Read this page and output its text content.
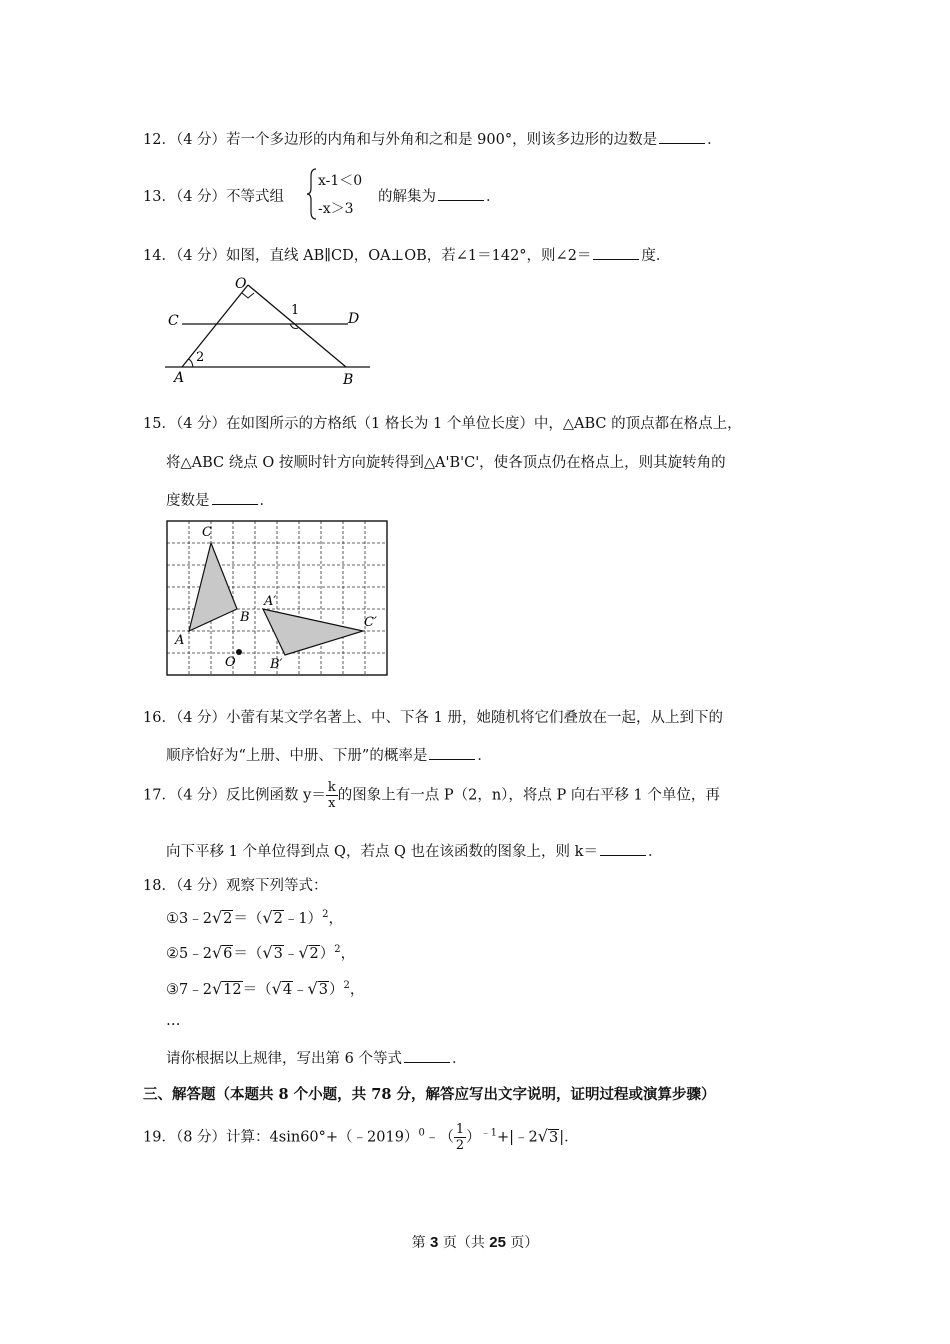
12．（4 分）若一个多边形的内角和与外角和之和是 900°，则该多边形的边数是	．
13．（4 分）不等式组
x-1＜0
-x＞3
的解集为	．
14．（4 分）如图，直线 AB∥CD，OA⊥OB，若∠1＝142°，则∠2＝	度．
O
C	D
A	B
1
2
15．（4 分）在如图所示的方格纸（1 格长为 1 个单位长度）中，△ABC 的顶点都在格点上，
将△ABC 绕点 O 按顺时针方向旋转得到△A'B'C'，使各顶点仍在格点上，则其旋转角的
度数是	．
C
A
B
O
A′
B′
C′
16．（4 分）小蕾有某文学名著上、中、下各 1 册，她随机将它们叠放在一起，从上到下的
顺序恰好为“上册、中册、下册”的概率是	．
17．（4 分）反比例函数 $y= \frac{k}{x}$ 的图象上有一点 P（2，n），将点 P 向右平移 1 个单位，再
向下平移 1 个单位得到点 Q，若点 Q 也在该函数的图象上，则 k＝	．
18．（4 分）观察下列等式：
①3﹣2√2＝（√2﹣1）$^2$，
②5﹣2√6＝（√3﹣√2）$^2$，
③7﹣2√12＝（√4﹣√3）$^2$，
…
请你根据以上规律，写出第 6 个等式	．
三、解答题（本题共 8 个小题，共 78 分，解答应写出文字说明，证明过程或演算步骤）
19．（8 分）计算：4sin60°+（﹣2019）$^0$﹣（ $\frac{1}{2}$ ）$^{﹣1}$+|﹣2√3|．
第 3 页（共 25 页）
